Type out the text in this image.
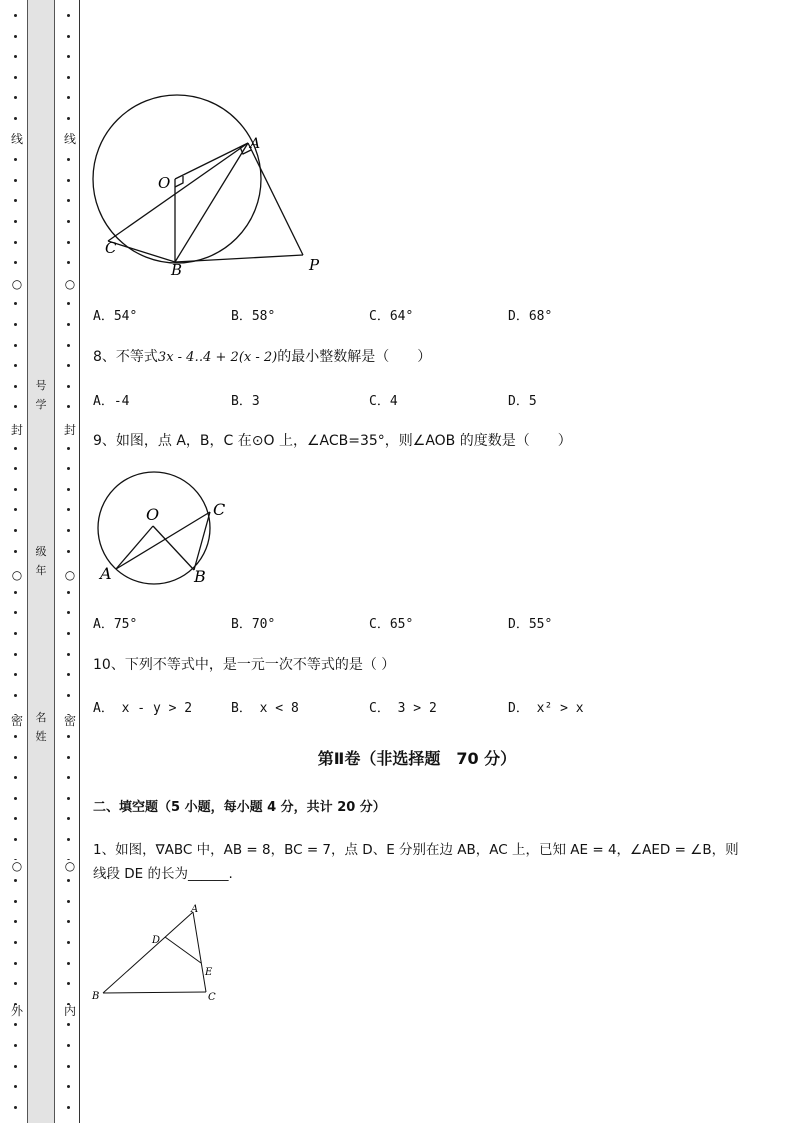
线
○
封
○
密
○
外
线
○
封
○
密
○
内
号学
级年
名姓
O
A
C
B	P
A．54°	B．58°	C．64°	D．68°
8、不等式3x - 4‥4 + 2(x - 2)的最小整数解是（　　）
A．-4	B．3	C．4	D．5
9、如图，点 A，B，C 在⊙O 上，∠ACB=35°，则∠AOB 的度数是（　　）
O	C
A	B
A．75°	B．70°	C．65°	D．55°
10、下列不等式中，是一元一次不等式的是（ ）
A． x - y > 2	B． x < 8	C． 3 > 2	D． x² > x
第Ⅱ卷（非选择题　70 分）
二、填空题（5 小题，每小题 4 分，共计 20 分）
1、如图，∇ABC 中，AB = 8，BC = 7，点 D、E 分别在边 AB，AC 上，已知 AE = 4，∠AED = ∠B，则
线段 DE 的长为______.
A
D
E
B	C
